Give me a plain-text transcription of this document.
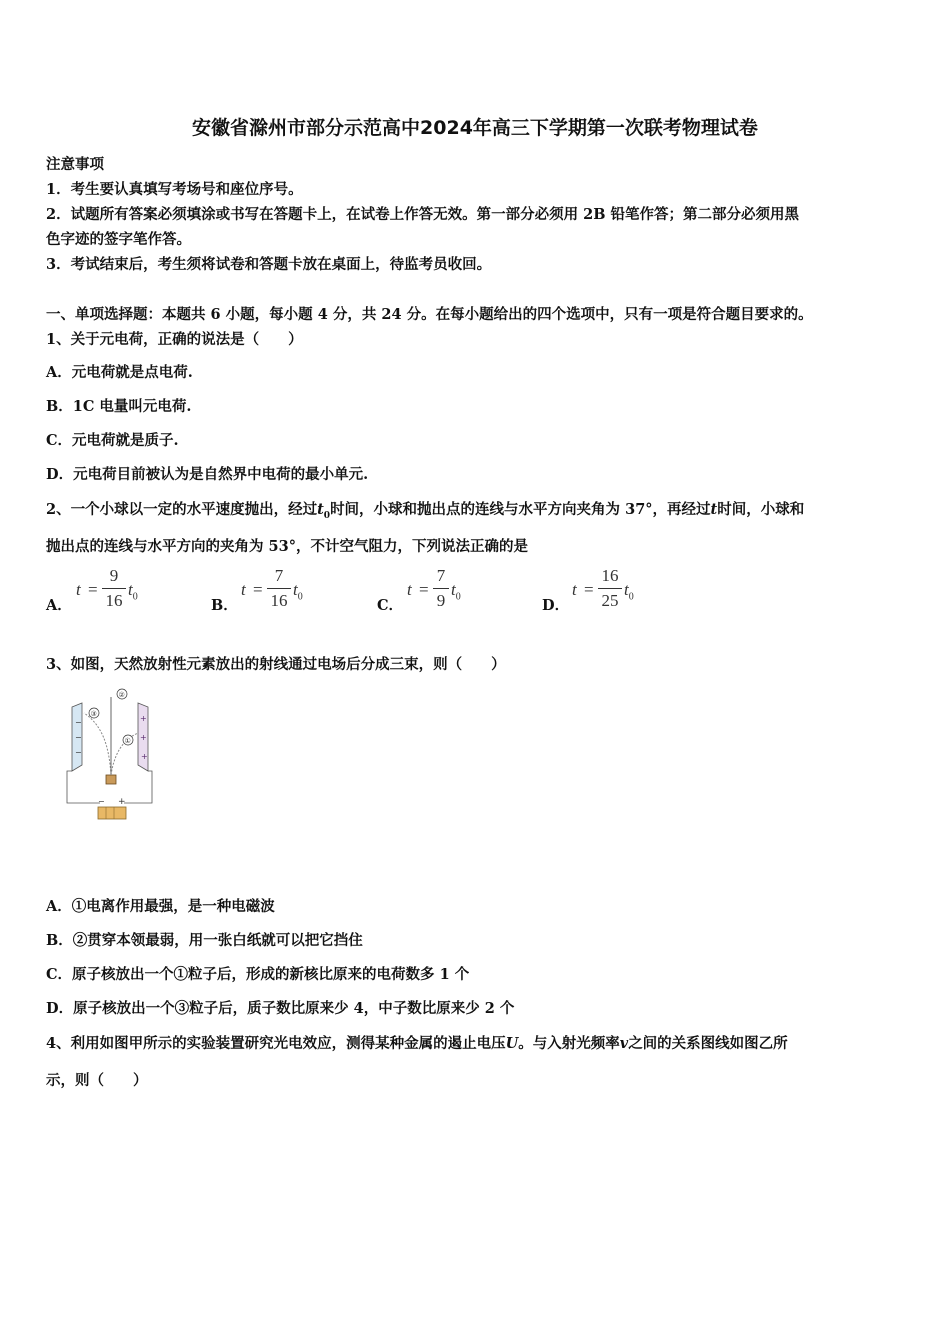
安徽省滁州市部分示范高中2024年高三下学期第一次联考物理试卷
注意事项
1．考生要认真填写考场号和座位序号。
2．试题所有答案必须填涂或书写在答题卡上，在试卷上作答无效。第一部分必须用 2B 铅笔作答；第二部分必须用黑
色字迹的签字笔作答。
3．考试结束后，考生须将试卷和答题卡放在桌面上，待监考员收回。
一、单项选择题：本题共 6 小题，每小题 4 分，共 24 分。在每小题给出的四个选项中，只有一项是符合题目要求的。
1、关于元电荷，正确的说法是（　　）
A．元电荷就是点电荷.
B．1C 电量叫元电荷.
C．元电荷就是质子.
D．元电荷目前被认为是自然界中电荷的最小单元.
2、一个小球以一定的水平速度抛出，经过$t_0$时间，小球和抛出点的连线与水平方向夹角为 37°，再经过t时间，小球和
抛出点的连线与水平方向的夹角为 53°，不计空气阻力，下列说法正确的是
A．
t =
9
16
$t_0$
B．
t =
7
16
$t_0$
C．
t =
7
9
$t_0$
D．
t =
16
25
$t_0$
3、如图，天然放射性元素放出的射线通过电场后分成三束，则（　　）
−
−
−
+
+
+
③
②
①
− +
A．①电离作用最强，是一种电磁波
B．②贯穿本领最弱，用一张白纸就可以把它挡住
C．原子核放出一个①粒子后，形成的新核比原来的电荷数多 1 个
D．原子核放出一个③粒子后，质子数比原来少 4，中子数比原来少 2 个
4、利用如图甲所示的实验装置研究光电效应，测得某种金属的遏止电压U。与入射光频率v之间的关系图线如图乙所
示，则（　　）
